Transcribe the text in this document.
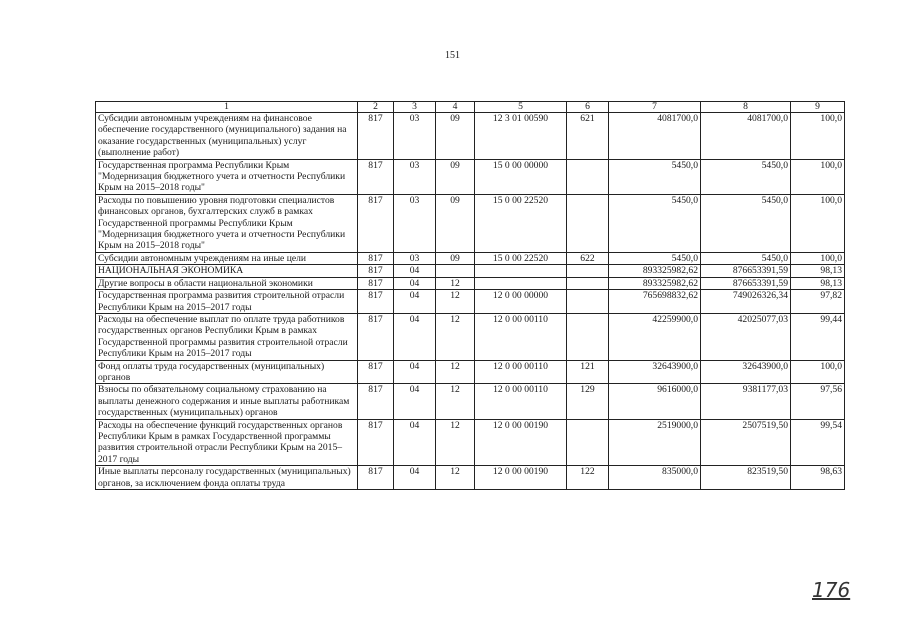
151
1	2	3	4	5	6	7	8	9
Субсидии автономным учреждениям на финансовое обеспечение государственного (муниципального) задания на оказание государственных (муниципальных) услуг (выполнение работ)	817	03	09	12 3 01 00590	621	4081700,0	4081700,0	100,0
Государственная программа Республики Крым "Модернизация бюджетного учета и отчетности Республики Крым на 2015–2018 годы"	817	03	09	15 0 00 00000		5450,0	5450,0	100,0
Расходы по повышению уровня подготовки специалистов финансовых органов, бухгалтерских служб в рамках Государственной программы Республики Крым "Модернизация бюджетного учета и отчетности Республики Крым на 2015–2018 годы"	817	03	09	15 0 00 22520		5450,0	5450,0	100,0
Субсидии автономным учреждениям на иные цели	817	03	09	15 0 00 22520	622	5450,0	5450,0	100,0
НАЦИОНАЛЬНАЯ ЭКОНОМИКА	817	04				893325982,62	876653391,59	98,13
Другие вопросы в области национальной экономики	817	04	12			893325982,62	876653391,59	98,13
Государственная программа развития строительной отрасли Республики Крым на 2015–2017 годы	817	04	12	12 0 00 00000		765698832,62	749026326,34	97,82
Расходы на обеспечение выплат по оплате труда работников государственных органов Республики Крым в рамках Государственной программы развития строительной отрасли Республики Крым на 2015–2017 годы	817	04	12	12 0 00 00110		42259900,0	42025077,03	99,44
Фонд оплаты труда государственных (муниципальных) органов	817	04	12	12 0 00 00110	121	32643900,0	32643900,0	100,0
Взносы по обязательному социальному страхованию на выплаты денежного содержания и иные выплаты работникам государственных (муниципальных) органов	817	04	12	12 0 00 00110	129	9616000,0	9381177,03	97,56
Расходы на обеспечение функций государственных органов Республики Крым в рамках Государственной программы развития строительной отрасли Республики Крым на 2015–2017 годы	817	04	12	12 0 00 00190		2519000,0	2507519,50	99,54
Иные выплаты персоналу государственных (муниципальных) органов, за исключением фонда оплаты труда	817	04	12	12 0 00 00190	122	835000,0	823519,50	98,63
176
